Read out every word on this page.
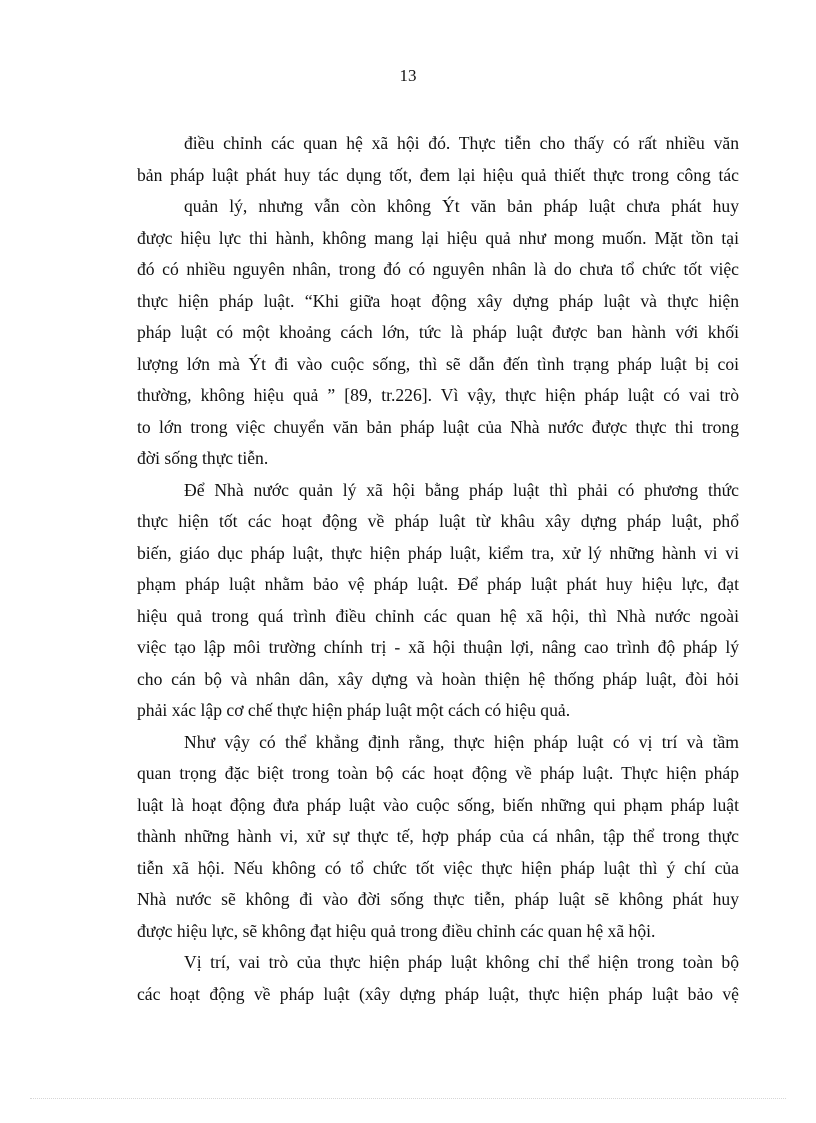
13
điều chỉnh các quan hệ xã hội đó. Thực tiễn cho thấy có rất nhiều văn
bản pháp luật phát huy tác dụng tốt, đem lại hiệu quả thiết thực trong công tác
quản lý, nhưng vẫn còn không Ýt văn bản pháp luật chưa phát huy
được hiệu lực thi hành, không mang lại hiệu quả như mong muốn. Mặt tồn tại
đó có nhiều nguyên nhân, trong đó có nguyên nhân là do chưa tổ chức tốt việc
thực hiện pháp luật. “Khi giữa hoạt động xây dựng pháp luật và thực hiện
pháp luật có một khoảng cách lớn, tức là pháp luật được ban hành với khối
lượng lớn mà Ýt đi vào cuộc sống, thì sẽ dẫn đến tình trạng pháp luật bị coi
thường, không hiệu quả ” [89, tr.226]. Vì vậy, thực hiện pháp luật có vai trò
to lớn trong việc chuyển văn bản pháp luật của Nhà nước được thực thi trong
đời sống thực tiễn.
Để Nhà nước quản lý xã hội bằng pháp luật thì phải có phương thức
thực hiện tốt các hoạt động về pháp luật từ khâu xây dựng pháp luật, phổ
biến, giáo dục pháp luật, thực hiện pháp luật, kiểm tra, xử lý những hành vi vi
phạm pháp luật nhằm bảo vệ pháp luật. Để pháp luật phát huy hiệu lực, đạt
hiệu quả trong quá trình điều chỉnh các quan hệ xã hội, thì Nhà nước ngoài
việc tạo lập môi trường chính trị - xã hội thuận lợi, nâng cao trình độ pháp lý
cho cán bộ và nhân dân, xây dựng và hoàn thiện hệ thống pháp luật, đòi hỏi
phải xác lập cơ chế thực hiện pháp luật một cách có hiệu quả.
Như vậy có thể khẳng định rằng, thực hiện pháp luật có vị trí và tầm
quan trọng đặc biệt trong toàn bộ các hoạt động về pháp luật. Thực hiện pháp
luật là hoạt động đưa pháp luật vào cuộc sống, biến những qui phạm pháp luật
thành những hành vi, xử sự thực tế, hợp pháp của cá nhân, tập thể trong thực
tiễn xã hội. Nếu không có tổ chức tốt việc thực hiện pháp luật thì ý chí của
Nhà nước sẽ không đi vào đời sống thực tiễn, pháp luật sẽ không phát huy
được hiệu lực, sẽ không đạt hiệu quả trong điều chỉnh các quan hệ xã hội.
Vị trí, vai trò của thực hiện pháp luật không chỉ thể hiện trong toàn bộ
các hoạt động về pháp luật (xây dựng pháp luật, thực hiện pháp luật bảo vệ
